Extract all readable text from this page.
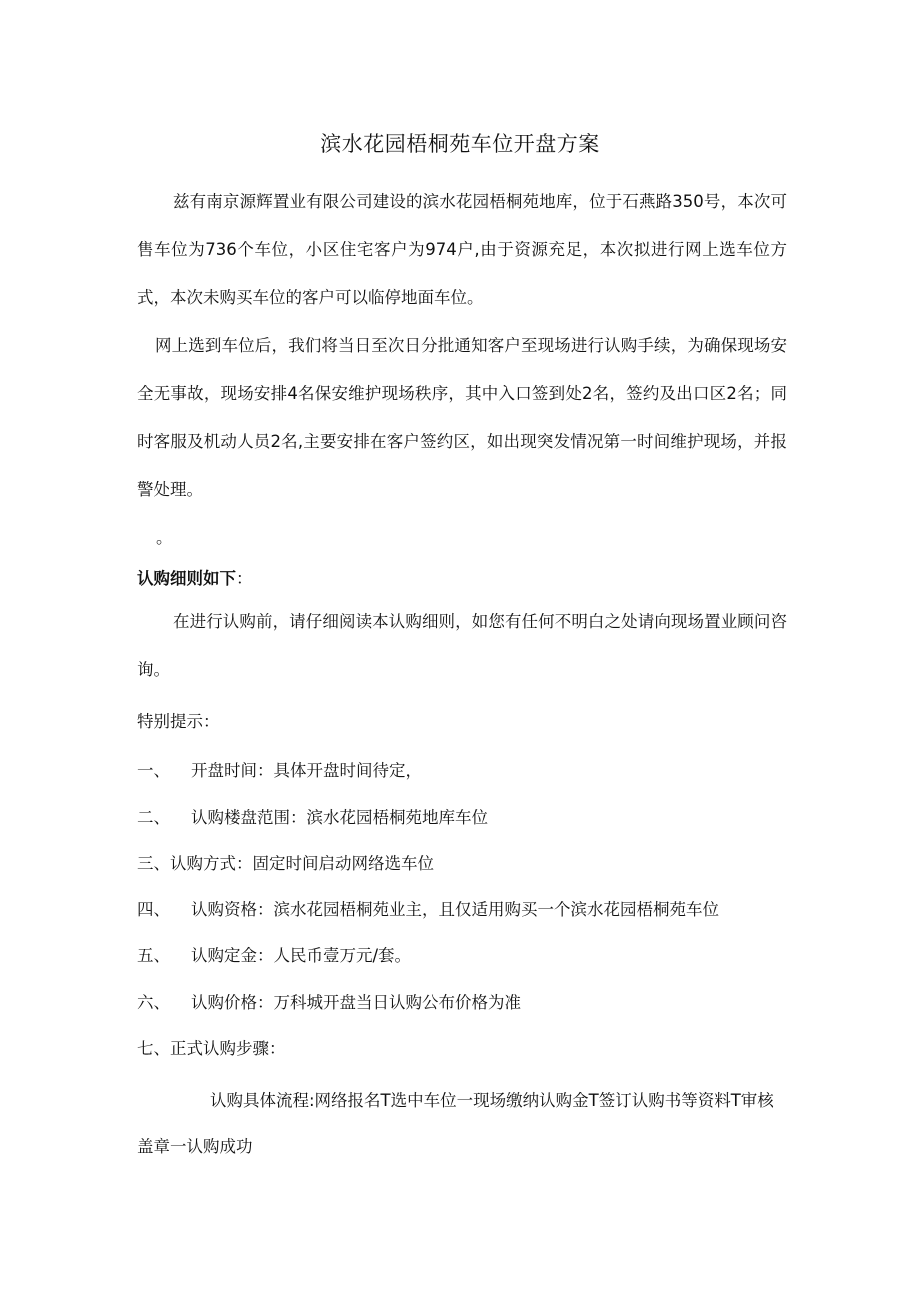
滨水花园梧桐苑车位开盘方案

兹有南京源辉置业有限公司建设的滨水花园梧桐苑地库，位于石燕路350号，本次可售车位为736个车位，小区住宅客户为974户,由于资源充足，本次拟进行网上选车位方式，本次未购买车位的客户可以临停地面车位。

网上选到车位后，我们将当日至次日分批通知客户至现场进行认购手续，为确保现场安全无事故，现场安排4名保安维护现场秩序，其中入口签到处2名，签约及出口区2名；同时客服及机动人员2名,主要安排在客户签约区，如出现突发情况第一时间维护现场，并报警处理。

。
认购细则如下：

在进行认购前，请仔细阅读本认购细则，如您有任何不明白之处请向现场置业顾问咨询。

特别提示：
一、 开盘时间：具体开盘时间待定，
二、 认购楼盘范围：滨水花园梧桐苑地库车位
三、认购方式：固定时间启动网络选车位
四、 认购资格：滨水花园梧桐苑业主，且仅适用购买一个滨水花园梧桐苑车位
五、 认购定金：人民币壹万元/套。
六、 认购价格：万科城开盘当日认购公布价格为准
七、正式认购步骤：

认购具体流程:网络报名T选中车位一现场缴纳认购金T签订认购书等资料T审核盖章一认购成功
